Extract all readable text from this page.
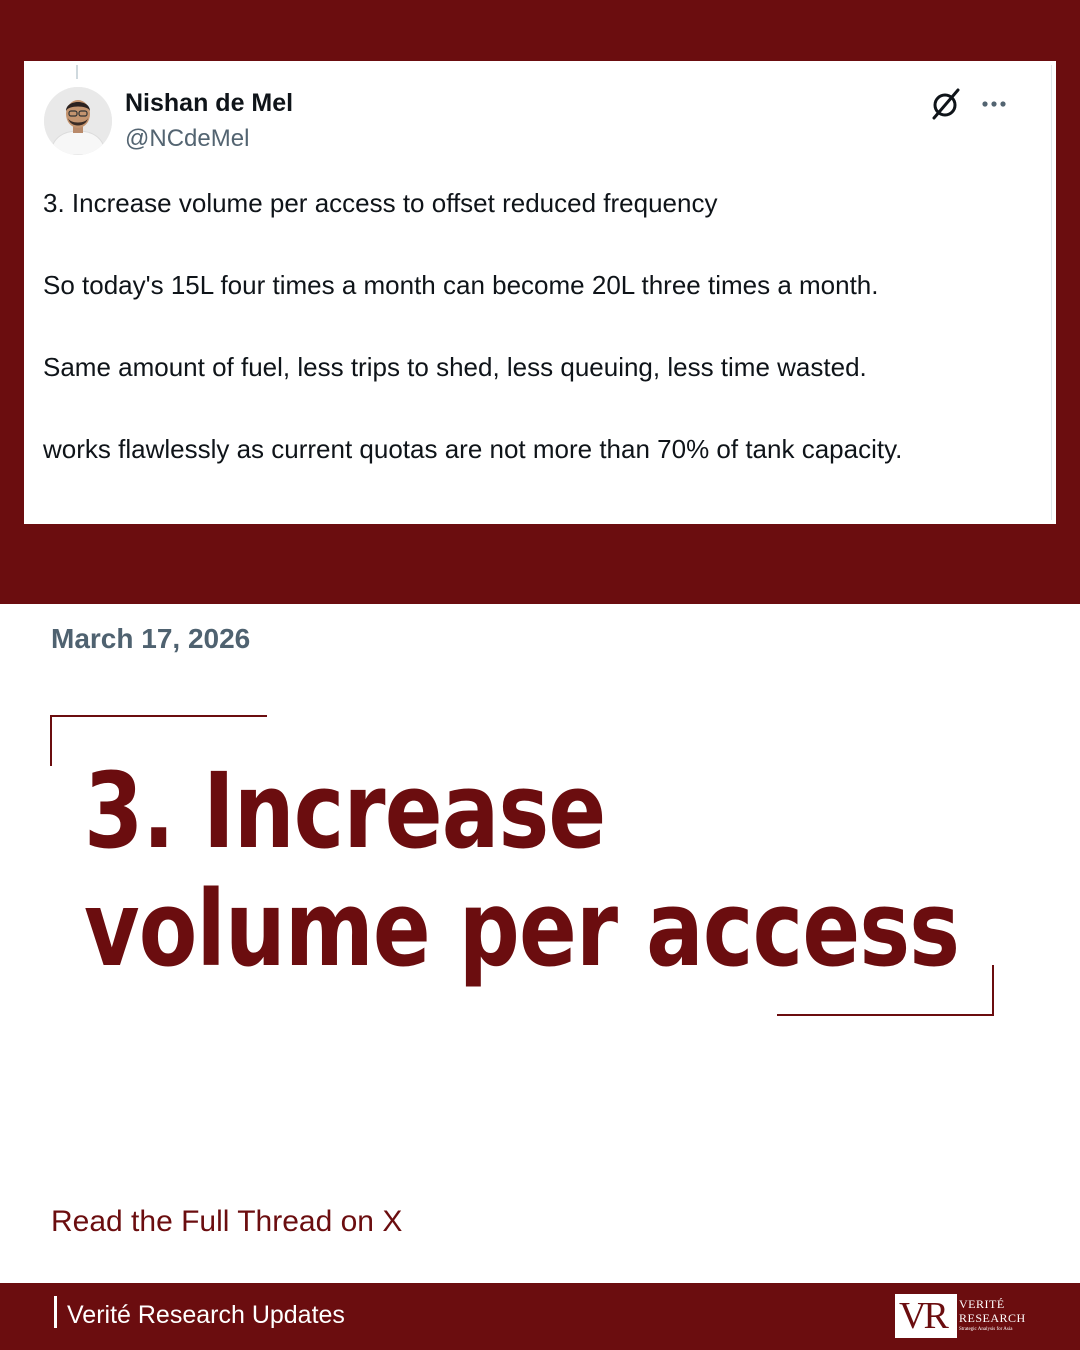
Nishan de Mel
@NCdeMel

3. Increase volume per access to offset reduced frequency

So today's 15L four times a month can become 20L three times a month.

Same amount of fuel, less trips to shed, less queuing, less time wasted.

works flawlessly as current quotas are not more than 70% of tank capacity.

March 17, 2026
3. Increase
volume per access
Read the Full Thread on X
Verité Research Updates	VR VERITÉ
RESEARCH
Strategic Analysis for Asia
